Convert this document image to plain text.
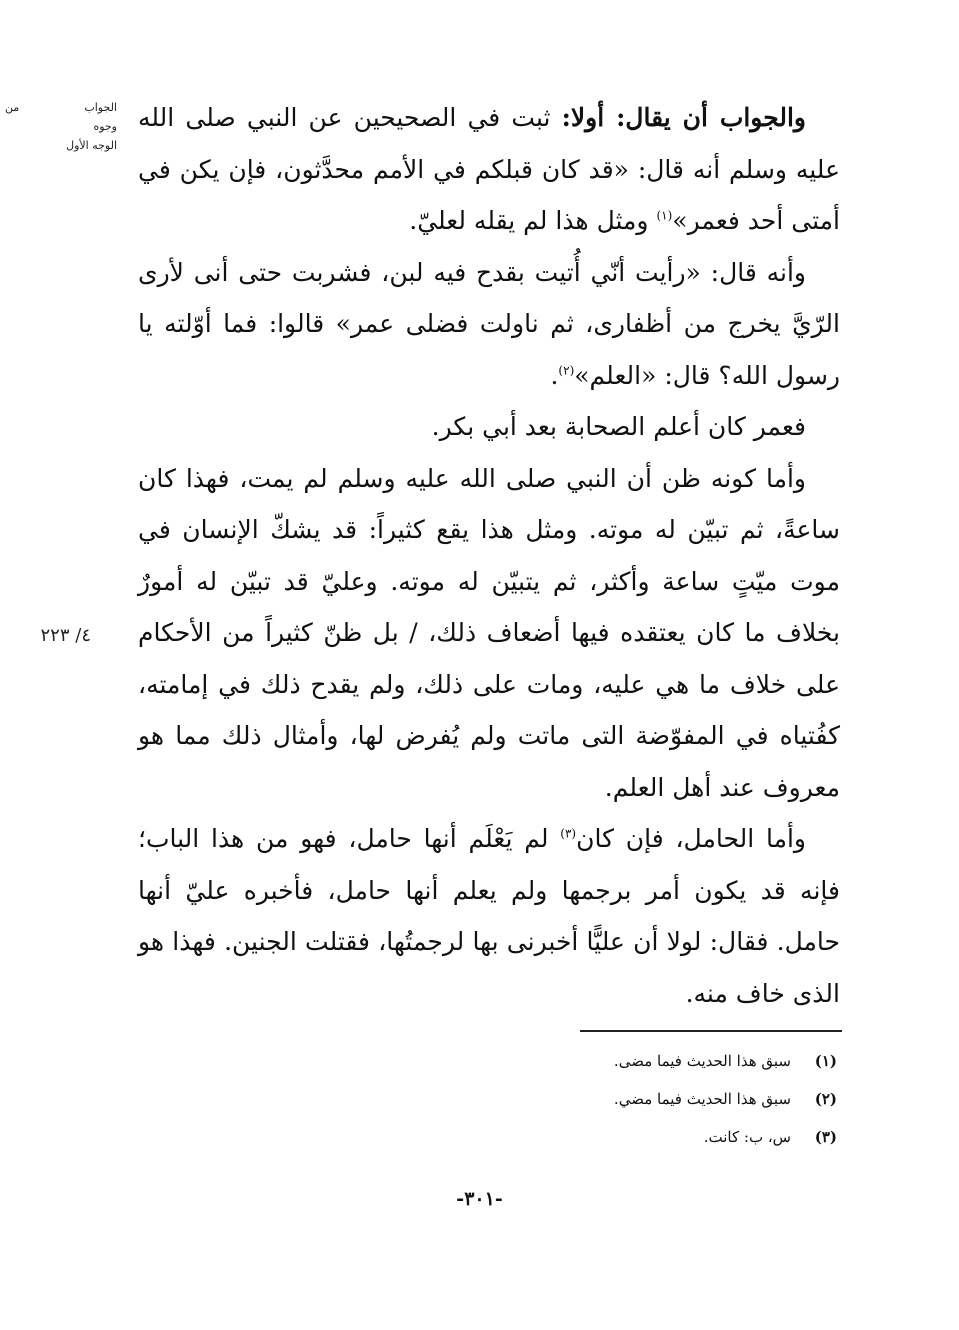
الجواب
من
وجوه
الوجه الأول
٤/ ٢٢٣

والجواب أن يقال: أولا: ثبت في الصحيحين عن النبي صلى الله عليه وسلم أنه قال: «قد كان قبلكم في الأمم محدَّثون، فإن يكن في أمتى أحد فعمر»$^{(١)}$ ومثل هذا لم يقله لعليّ.

وأنه قال: «رأيت أنّي أُتيت بقدح فيه لبن، فشربت حتى أنى لأرى الرّيَّ يخرج من أظفارى، ثم ناولت فضلى عمر» قالوا: فما أوّلته يا رسول الله؟ قال: «العلم»$^{(٢)}$.

فعمر كان أعلم الصحابة بعد أبي بكر.

وأما كونه ظن أن النبي صلى الله عليه وسلم لم يمت، فهذا كان ساعةً، ثم تبيّن له موته. ومثل هذا يقع كثيراً: قد يشكّ الإنسان في موت ميّتٍ ساعة وأكثر، ثم يتبيّن له موته. وعليّ قد تبيّن له أمورٌ بخلاف ما كان يعتقده فيها أضعاف ذلك، / بل ظنّ كثيراً من الأحكام على خلاف ما هي عليه، ومات على ذلك، ولم يقدح ذلك في إمامته، كفُتياه في المفوّضة التى ماتت ولم يُفرض لها، وأمثال ذلك مما هو معروف عند أهل العلم.

وأما الحامل، فإن كان$^{(٣)}$ لم يَعْلَم أنها حامل، فهو من هذا الباب؛ فإنه قد يكون أمر برجمها ولم يعلم أنها حامل، فأخبره عليّ أنها حامل. فقال: لولا أن عليًّا أخبرنى بها لرجمتُها، فقتلت الجنين. فهذا هو الذى خاف منه.

(١)
سبق هذا الحديث فيما مضى.
(٢)
سبق هذا الحديث فيما مضي.
(٣)
س، ب: كانت.
-٣٠١-
